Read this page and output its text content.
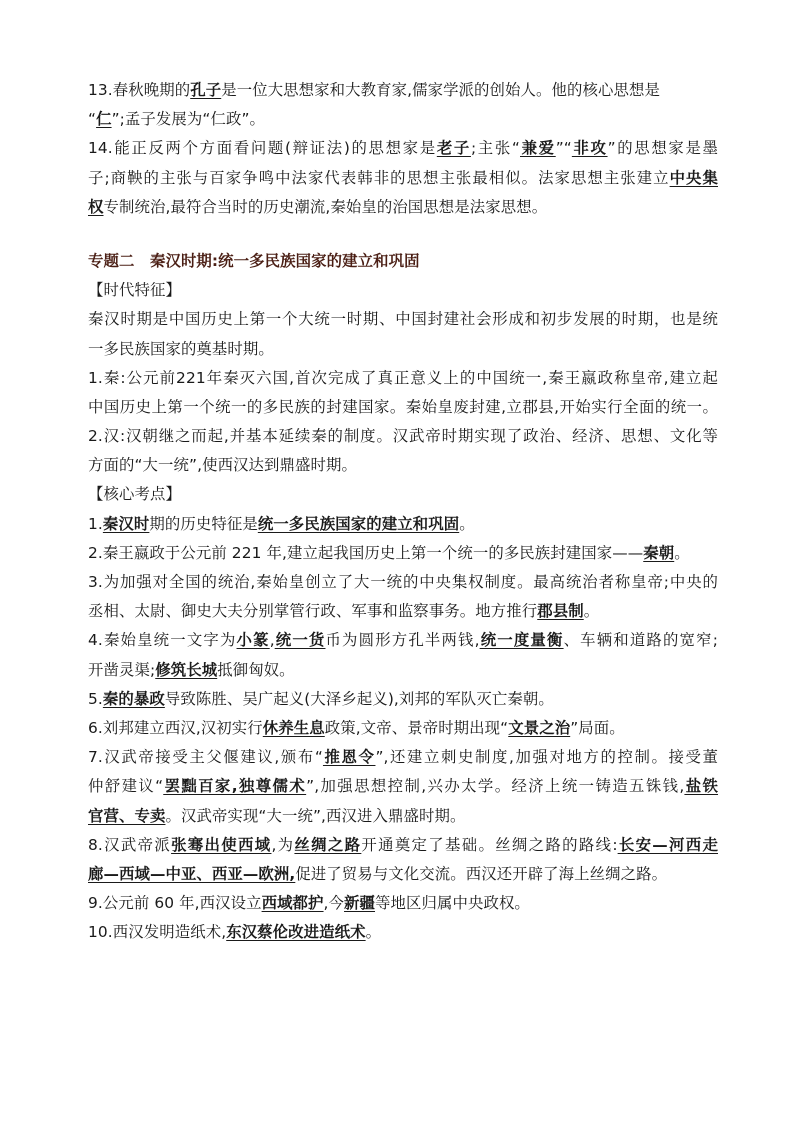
13.春秋晚期的孔子是一位大思想家和大教育家,儒家学派的创始人。他的核心思想是
“仁”;孟子发展为“仁政”。
14.能正反两个方面看问题(辩证法)的思想家是老子;主张“兼爱”“非攻”的思想家是墨
子;商鞅的主张与百家争鸣中法家代表韩非的思想主张最相似。法家思想主张建立中央集
权专制统治,最符合当时的历史潮流,秦始皇的治国思想是法家思想。
专题二　秦汉时期:统一多民族国家的建立和巩固
【时代特征】
秦汉时期是中国历史上第一个大统一时期、中国封建社会形成和初步发展的时期，也是统
一多民族国家的奠基时期。
1.秦:公元前221年秦灭六国,首次完成了真正意义上的中国统一,秦王嬴政称皇帝,建立起
中国历史上第一个统一的多民族的封建国家。秦始皇废封建,立郡县,开始实行全面的统一。
2.汉:汉朝继之而起,并基本延续秦的制度。汉武帝时期实现了政治、经济、思想、文化等
方面的“大一统”,使西汉达到鼎盛时期。
【核心考点】
1.秦汉时期的历史特征是统一多民族国家的建立和巩固。
2.秦王嬴政于公元前 221 年,建立起我国历史上第一个统一的多民族封建国家——秦朝。
3.为加强对全国的统治,秦始皇创立了大一统的中央集权制度。最高统治者称皇帝;中央的
丞相、太尉、御史大夫分别掌管行政、军事和监察事务。地方推行郡县制。
4.秦始皇统一文字为小篆,统一货币为圆形方孔半两钱,统一度量衡、车辆和道路的宽窄;
开凿灵渠;修筑长城抵御匈奴。
5.秦的暴政导致陈胜、吴广起义(大泽乡起义),刘邦的军队灭亡秦朝。
6.刘邦建立西汉,汉初实行休养生息政策,文帝、景帝时期出现“文景之治”局面。
7.汉武帝接受主父偃建议,颁布“推恩令”,还建立刺史制度,加强对地方的控制。接受董
仲舒建议“罢黜百家,独尊儒术”,加强思想控制,兴办太学。经济上统一铸造五铢钱,盐铁
官营、专卖。汉武帝实现“大一统”,西汉进入鼎盛时期。
8.汉武帝派张骞出使西域,为丝绸之路开通奠定了基础。丝绸之路的路线:长安—河西走
廊—西域—中亚、西亚—欧洲,促进了贸易与文化交流。西汉还开辟了海上丝绸之路。
9.公元前 60 年,西汉设立西域都护,今新疆等地区归属中央政权。
10.西汉发明造纸术,东汉蔡伦改进造纸术。
